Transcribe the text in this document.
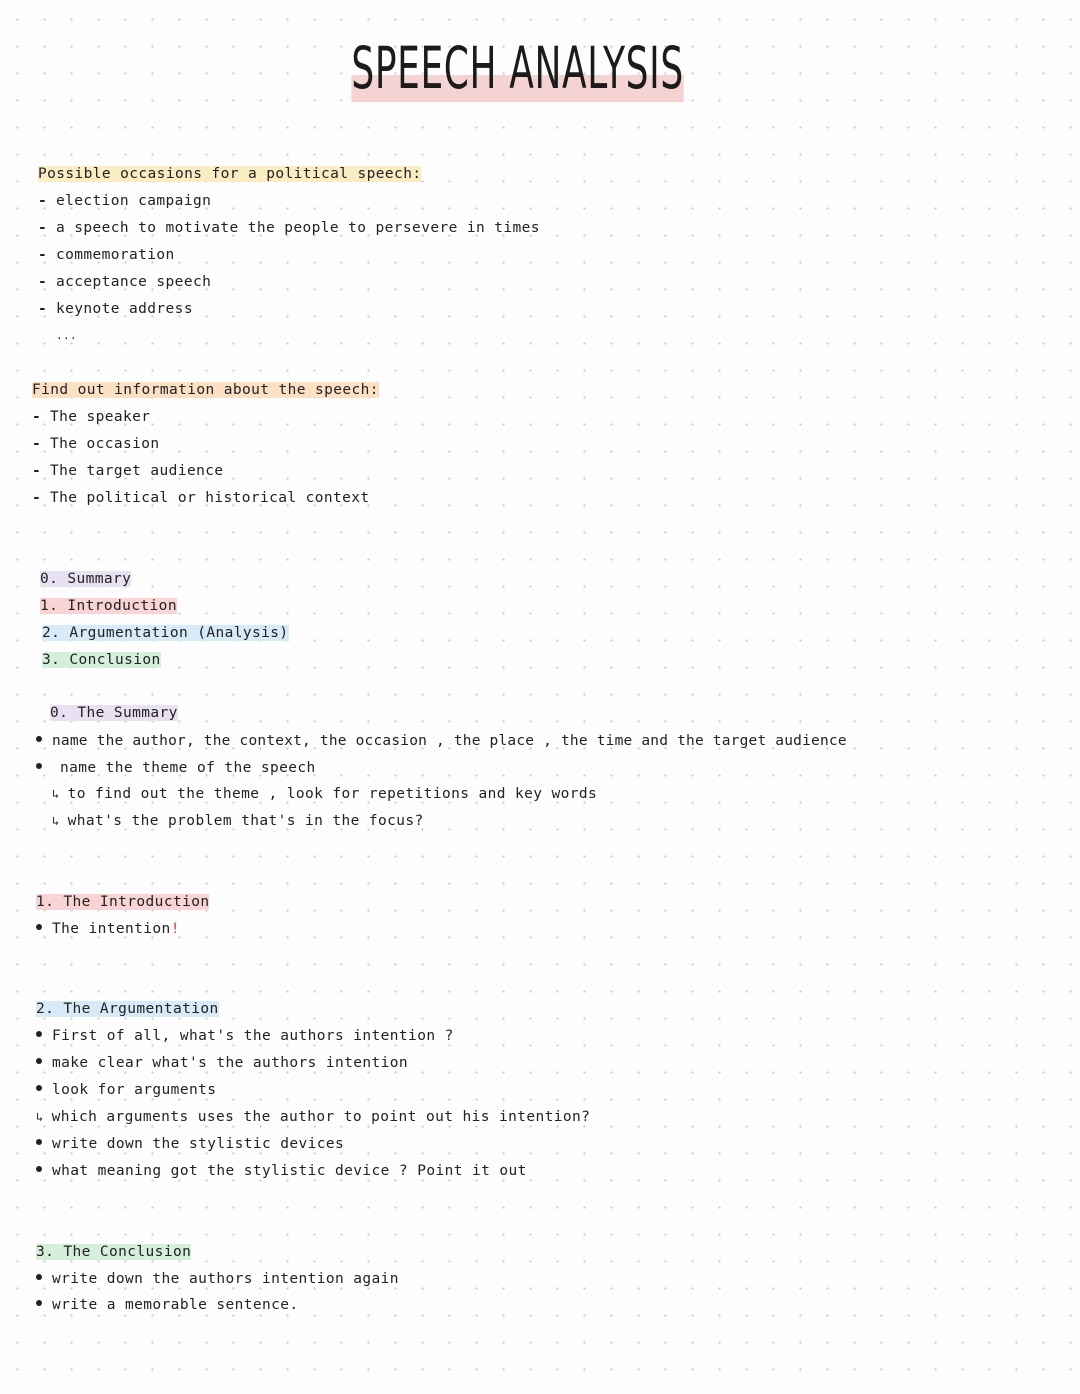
SPEECH ANALYSIS
Possible occasions for a political speech:
- election campaign
- a speech to motivate the people to persevere in times
- commemoration
- acceptance speech
- keynote address
...
Find out information about the speech:
- The speaker
- The occasion
- The target audience
- The political or historical context
0. Summary
1. Introduction
2. Argumentation (Analysis)
3. Conclusion
0. The Summary
name the author, the context, the occasion , the place , the time and the target audience
name the theme of the speech
↳ to find out the theme , look for repetitions and key words
↳ what's the problem that's in the focus?
1. The Introduction
The intention!
2. The Argumentation
First of all, what's the authors intention ?
make clear what's the authors intention
look for arguments
↳ which arguments uses the author to point out his intention?
write down the stylistic devices
what meaning got the stylistic device ? Point it out
3. The Conclusion
write down the authors intention again
write a memorable sentence.
